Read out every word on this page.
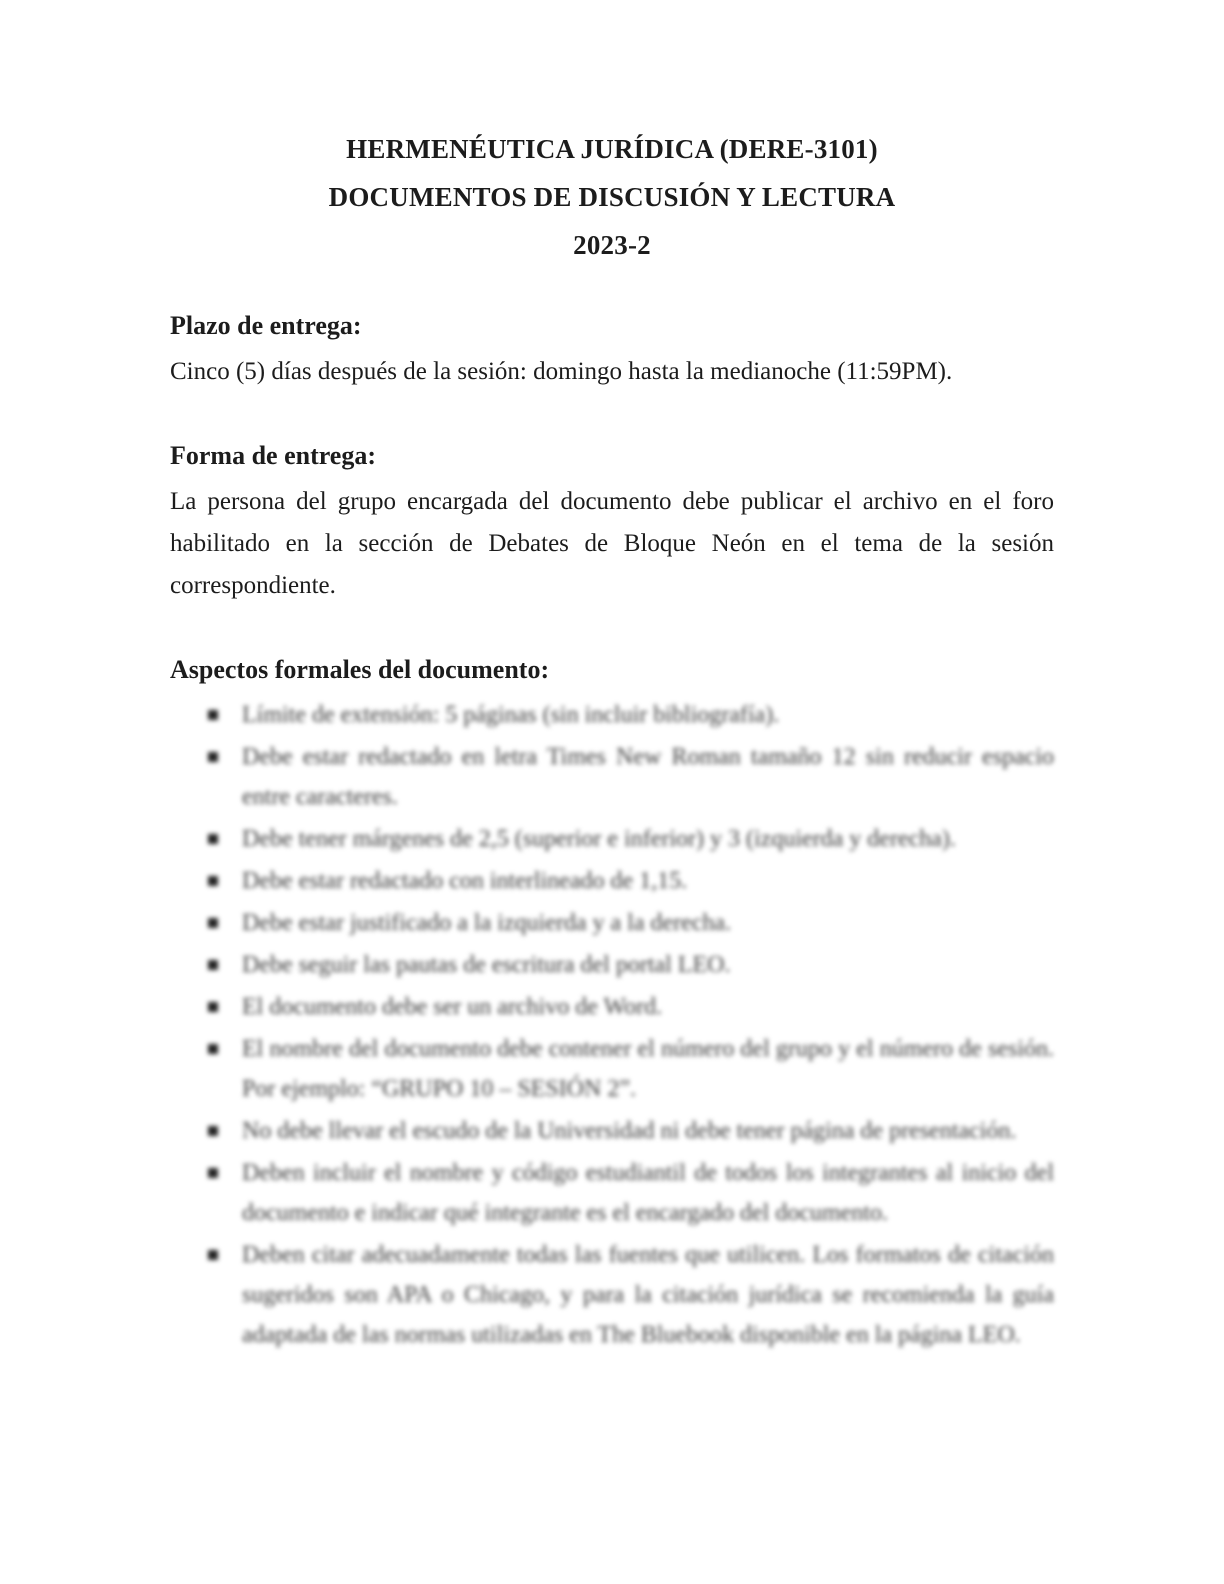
HERMENÉUTICA JURÍDICA (DERE-3101)
DOCUMENTOS DE DISCUSIÓN Y LECTURA
2023-2
Plazo de entrega:
Cinco (5) días después de la sesión: domingo hasta la medianoche (11:59PM).
Forma de entrega:
La persona del grupo encargada del documento debe publicar el archivo en el foro habilitado en la sección de Debates de Bloque Neón en el tema de la sesión correspondiente.
Aspectos formales del documento:
Límite de extensión: 5 páginas (sin incluir bibliografía).
Debe estar redactado en letra Times New Roman tamaño 12 sin reducir espacio entre caracteres.
Debe tener márgenes de 2,5 (superior e inferior) y 3 (izquierda y derecha).
Debe estar redactado con interlineado de 1,15.
Debe estar justificado a la izquierda y a la derecha.
Debe seguir las pautas de escritura del portal LEO.
El documento debe ser un archivo de Word.
El nombre del documento debe contener el número del grupo y el número de sesión. Por ejemplo: “GRUPO 10 – SESIÓN 2”.
No debe llevar el escudo de la Universidad ni debe tener página de presentación.
Deben incluir el nombre y código estudiantil de todos los integrantes al inicio del documento e indicar qué integrante es el encargado del documento.
Deben citar adecuadamente todas las fuentes que utilicen. Los formatos de citación sugeridos son APA o Chicago, y para la citación jurídica se recomienda la guía adaptada de las normas utilizadas en The Bluebook disponible en la página LEO.
